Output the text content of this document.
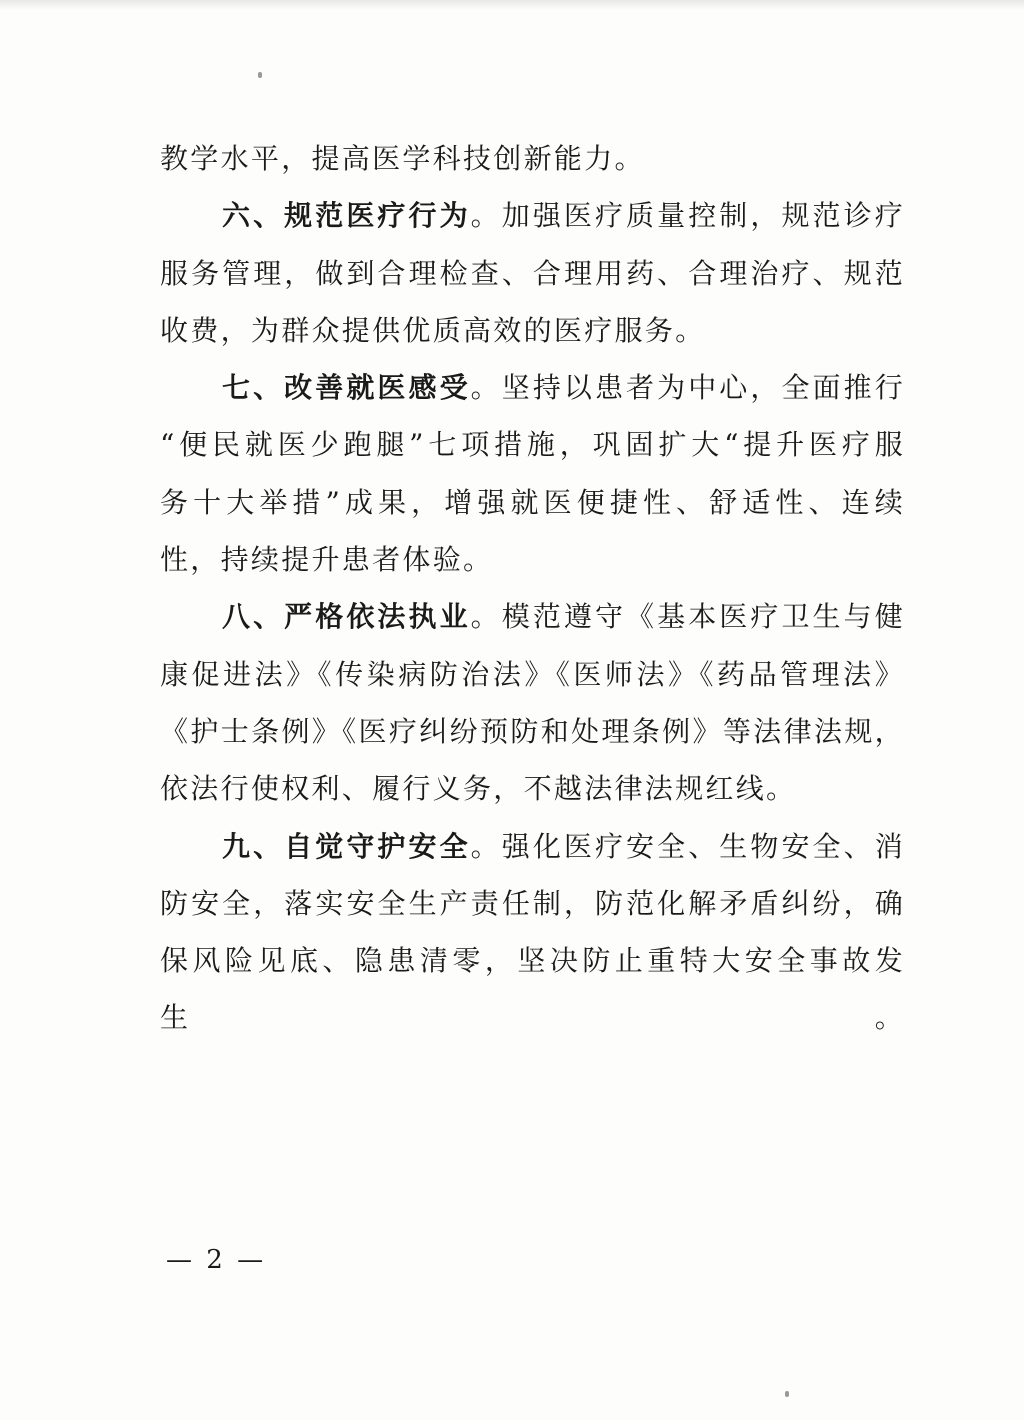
教学水平，提高医学科技创新能力。
六、规范医疗行为。加强医疗质量控制，规范诊疗
服务管理，做到合理检查、合理用药、合理治疗、规范
收费，为群众提供优质高效的医疗服务。
七、改善就医感受。坚持以患者为中心，全面推行
“便民就医少跑腿”七项措施，巩固扩大“提升医疗服
务十大举措”成果，增强就医便捷性、舒适性、连续
性，持续提升患者体验。
八、严格依法执业。模范遵守《基本医疗卫生与健
康促进法》《传染病防治法》《医师法》《药品管理法》
《护士条例》《医疗纠纷预防和处理条例》等法律法规，
依法行使权利、履行义务，不越法律法规红线。
九、自觉守护安全。强化医疗安全、生物安全、消
防安全，落实安全生产责任制，防范化解矛盾纠纷，确
保风险见底、隐患清零，坚决防止重特大安全事故发生。
— 2 —
